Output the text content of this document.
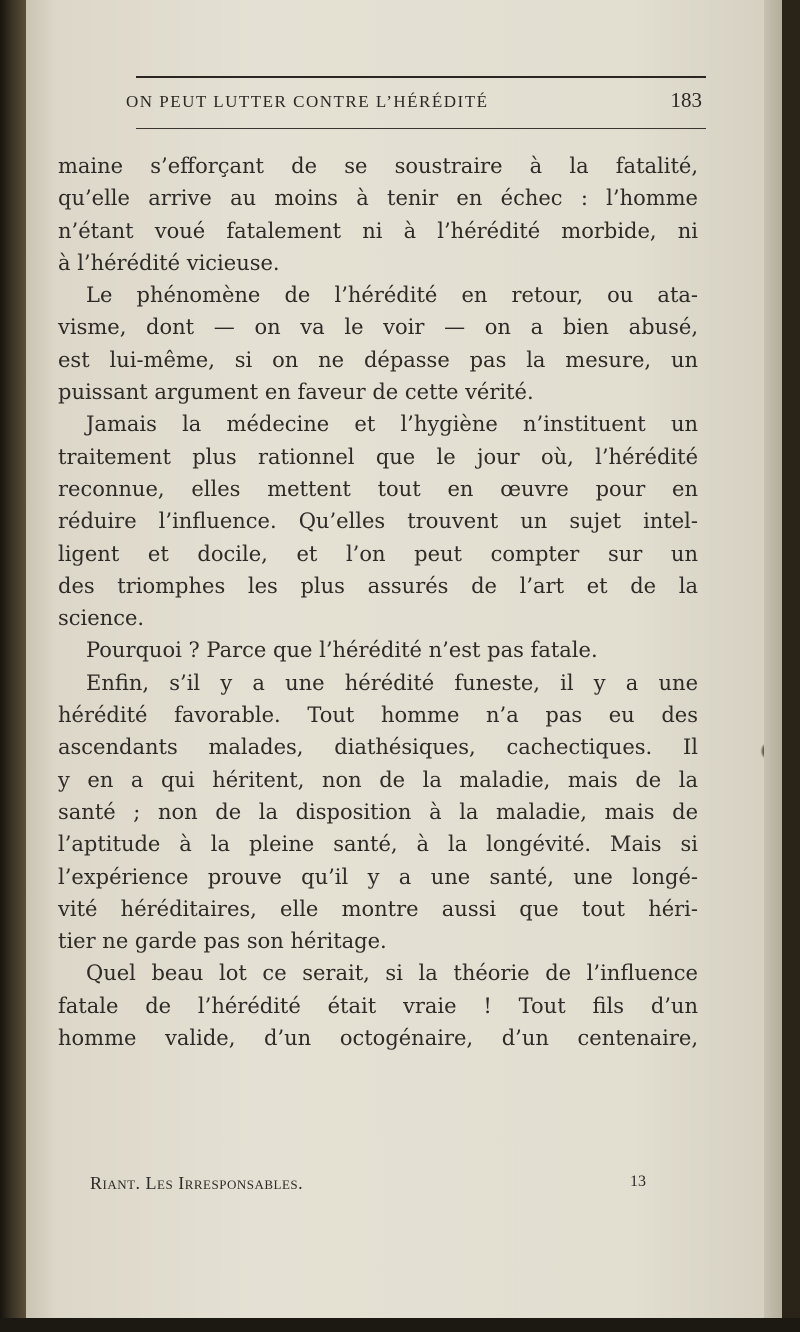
ON PEUT LUTTER CONTRE L’HÉRÉDITÉ	183
maine s’efforçant de se soustraire à la fatalité,
qu’elle arrive au moins à tenir en échec : l’homme
n’étant voué fatalement ni à l’hérédité morbide, ni
à l’hérédité vicieuse.
Le phénomène de l’hérédité en retour, ou ata-
visme, dont — on va le voir — on a bien abusé,
est lui-même, si on ne dépasse pas la mesure, un
puissant argument en faveur de cette vérité.
Jamais la médecine et l’hygiène n’instituent un
traitement plus rationnel que le jour où, l’hérédité
reconnue, elles mettent tout en œuvre pour en
réduire l’influence. Qu’elles trouvent un sujet intel-
ligent et docile, et l’on peut compter sur un
des triomphes les plus assurés de l’art et de la
science.
Pourquoi ? Parce que l’hérédité n’est pas fatale.
Enfin, s’il y a une hérédité funeste, il y a une
hérédité favorable. Tout homme n’a pas eu des
ascendants malades, diathésiques, cachectiques. Il
y en a qui héritent, non de la maladie, mais de la
santé ; non de la disposition à la maladie, mais de
l’aptitude à la pleine santé, à la longévité. Mais si
l’expérience prouve qu’il y a une santé, une longé-
vité héréditaires, elle montre aussi que tout héri-
tier ne garde pas son héritage.
Quel beau lot ce serait, si la théorie de l’influence
fatale de l’hérédité était vraie ! Tout fils d’un
homme valide, d’un octogénaire, d’un centenaire,
Riant. Les Irresponsables.	13
